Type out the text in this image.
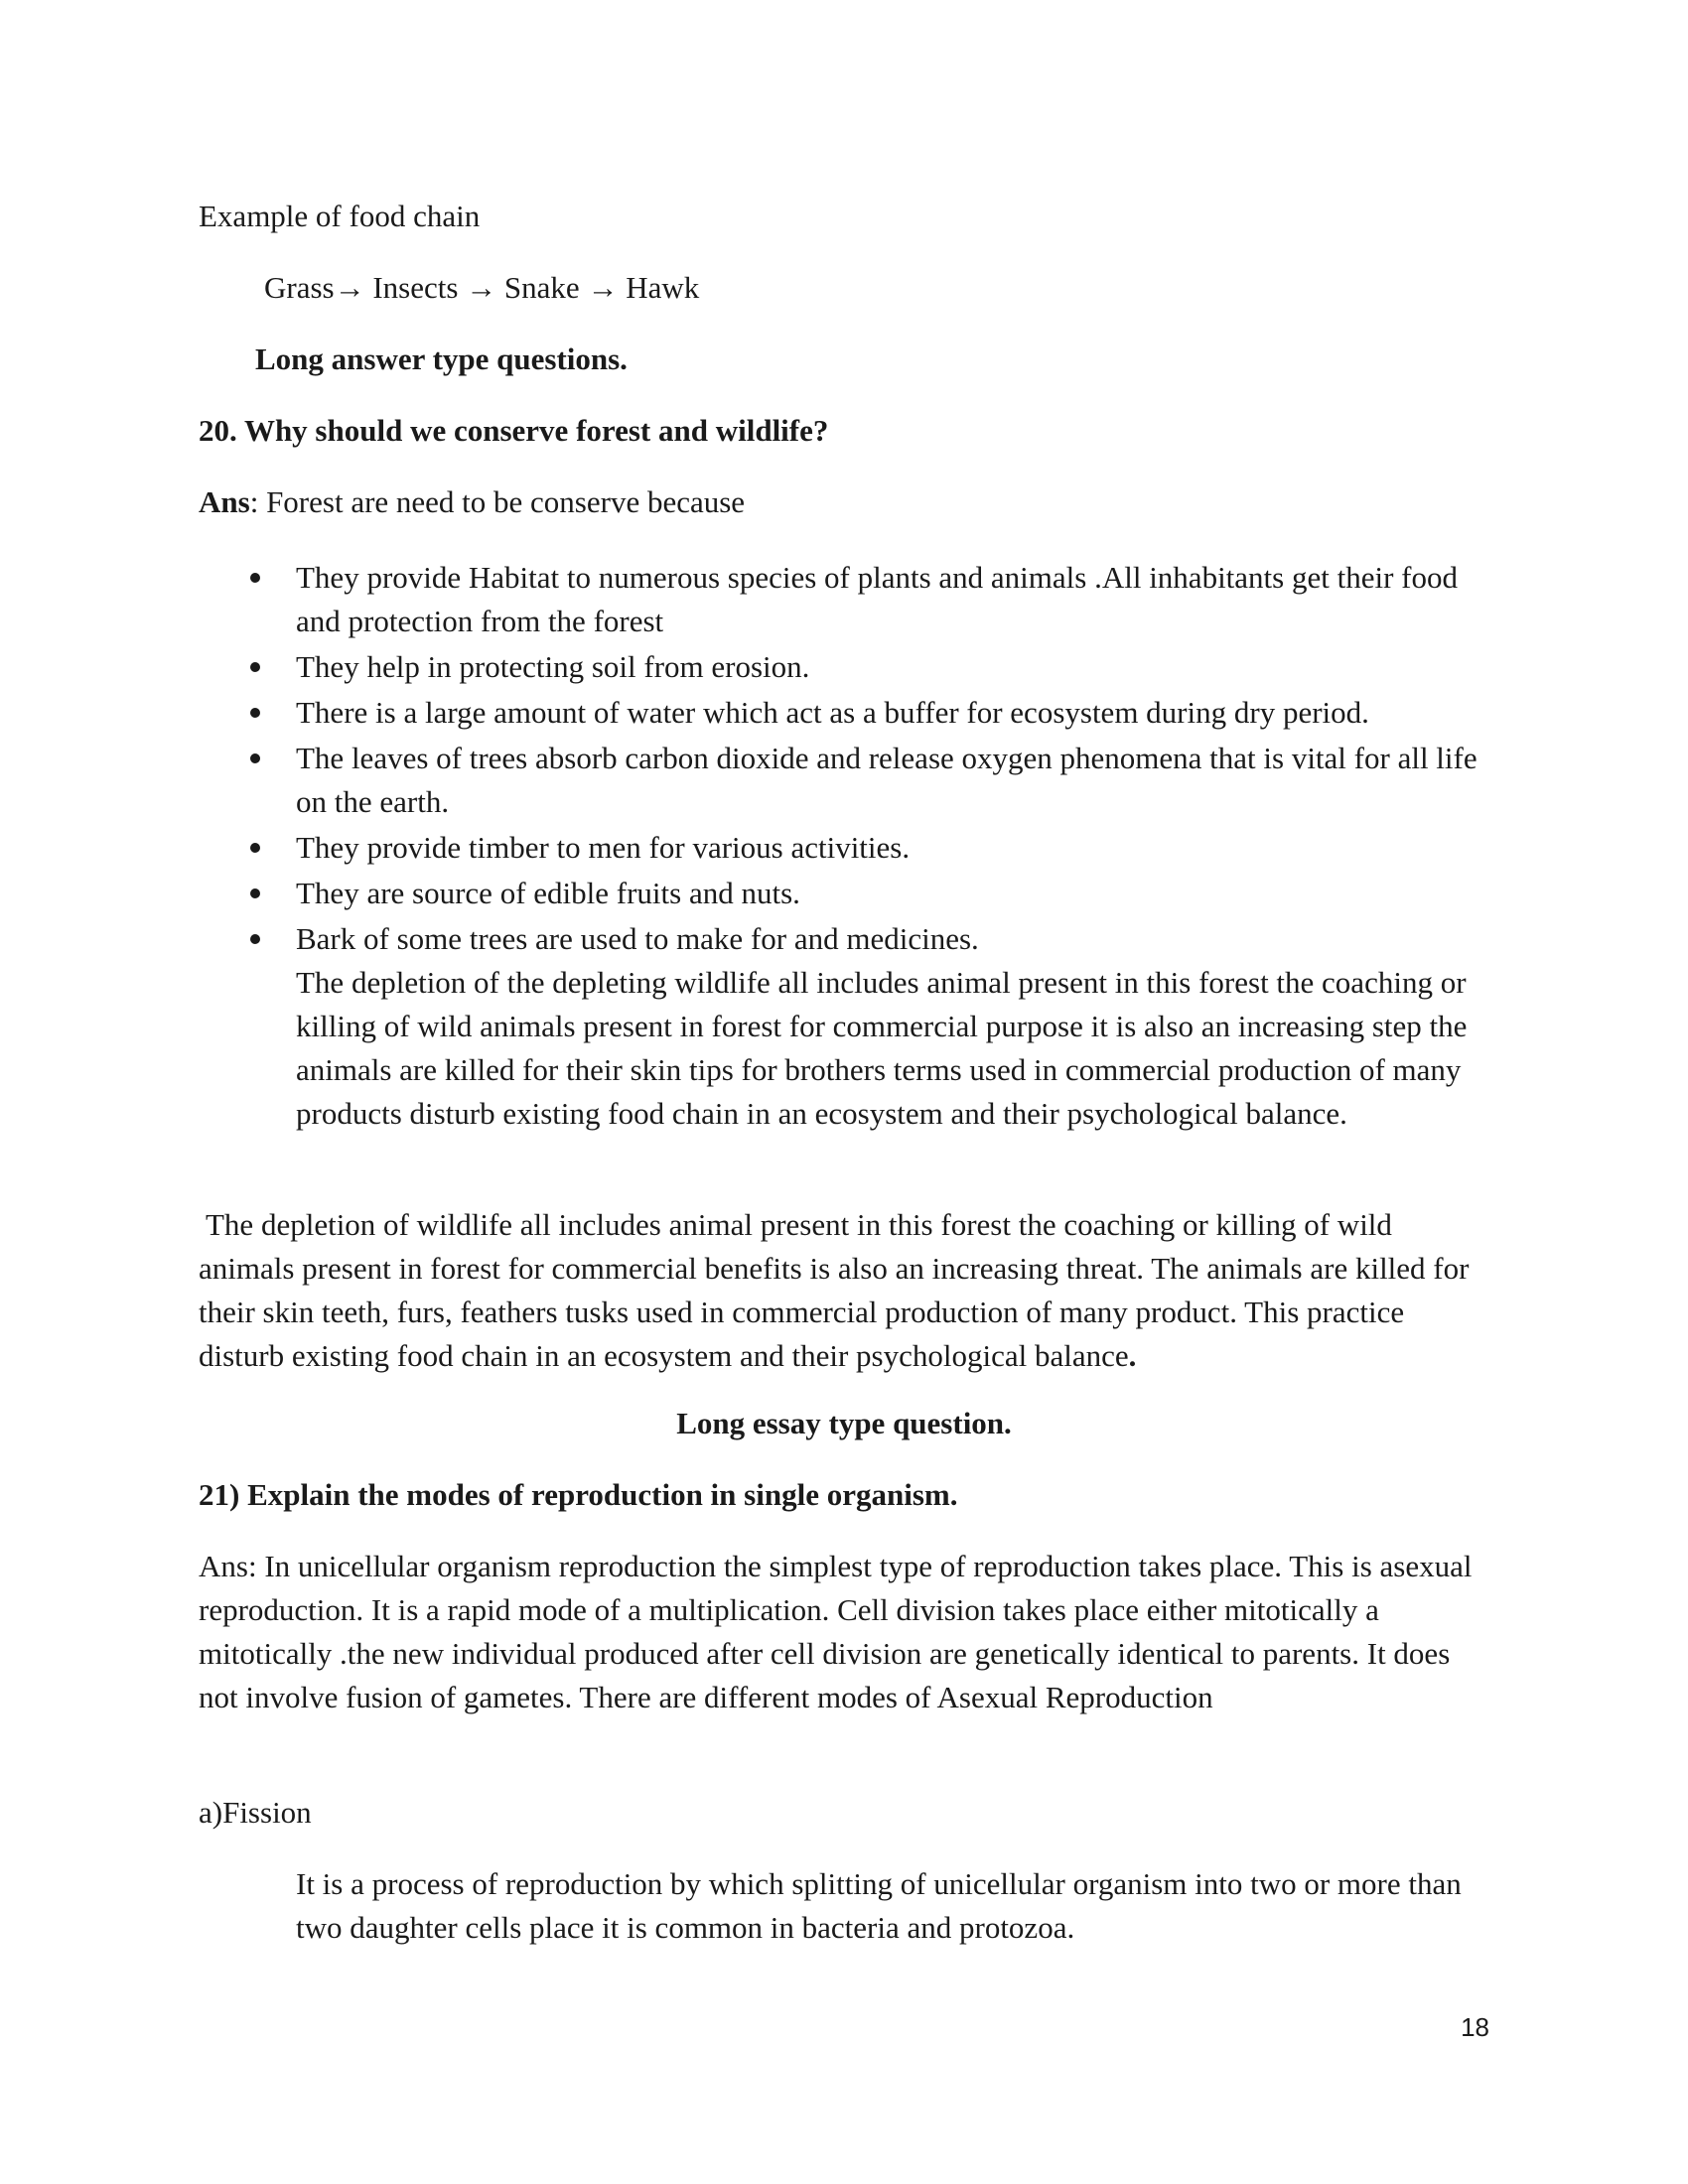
Example of food chain

Grass→ Insects → Snake → Hawk

Long answer type questions.

20. Why should we conserve forest and wildlife?

Ans: Forest are need to be conserve because

They provide Habitat to numerous species of plants and animals .All inhabitants get their food and protection from the forest
They help in protecting soil from erosion.
There is a large amount of water which act as a buffer for ecosystem during dry period.
The leaves of trees absorb carbon dioxide and release oxygen phenomena that is vital for all life on the earth.
They provide timber to men for various activities.
They are source of edible fruits and nuts.
Bark of some trees are used to make for and medicines.
The depletion of the depleting wildlife all includes animal present in this forest the coaching or killing of wild animals present in forest for commercial purpose it is also an increasing step the animals are killed for their skin tips for brothers terms used in commercial production of many products disturb existing food chain in an ecosystem and their psychological balance.

The depletion of wildlife all includes animal present in this forest the coaching or killing of wild animals present in forest for commercial benefits is also an increasing threat. The animals are killed for their skin teeth, furs, feathers tusks used in commercial production of many product. This practice disturb existing food chain in an ecosystem and their psychological balance.

Long essay type question.

21) Explain the modes of reproduction in single organism.

Ans: In unicellular organism reproduction the simplest type of reproduction takes place. This is asexual reproduction. It is a rapid mode of a multiplication. Cell division takes place either mitotically a mitotically .the new individual produced after cell division are genetically identical to parents. It does not involve fusion of gametes. There are different modes of Asexual Reproduction

a)Fission

It is a process of reproduction by which splitting of unicellular organism into two or more than two daughter cells place it is common in bacteria and protozoa.

18
